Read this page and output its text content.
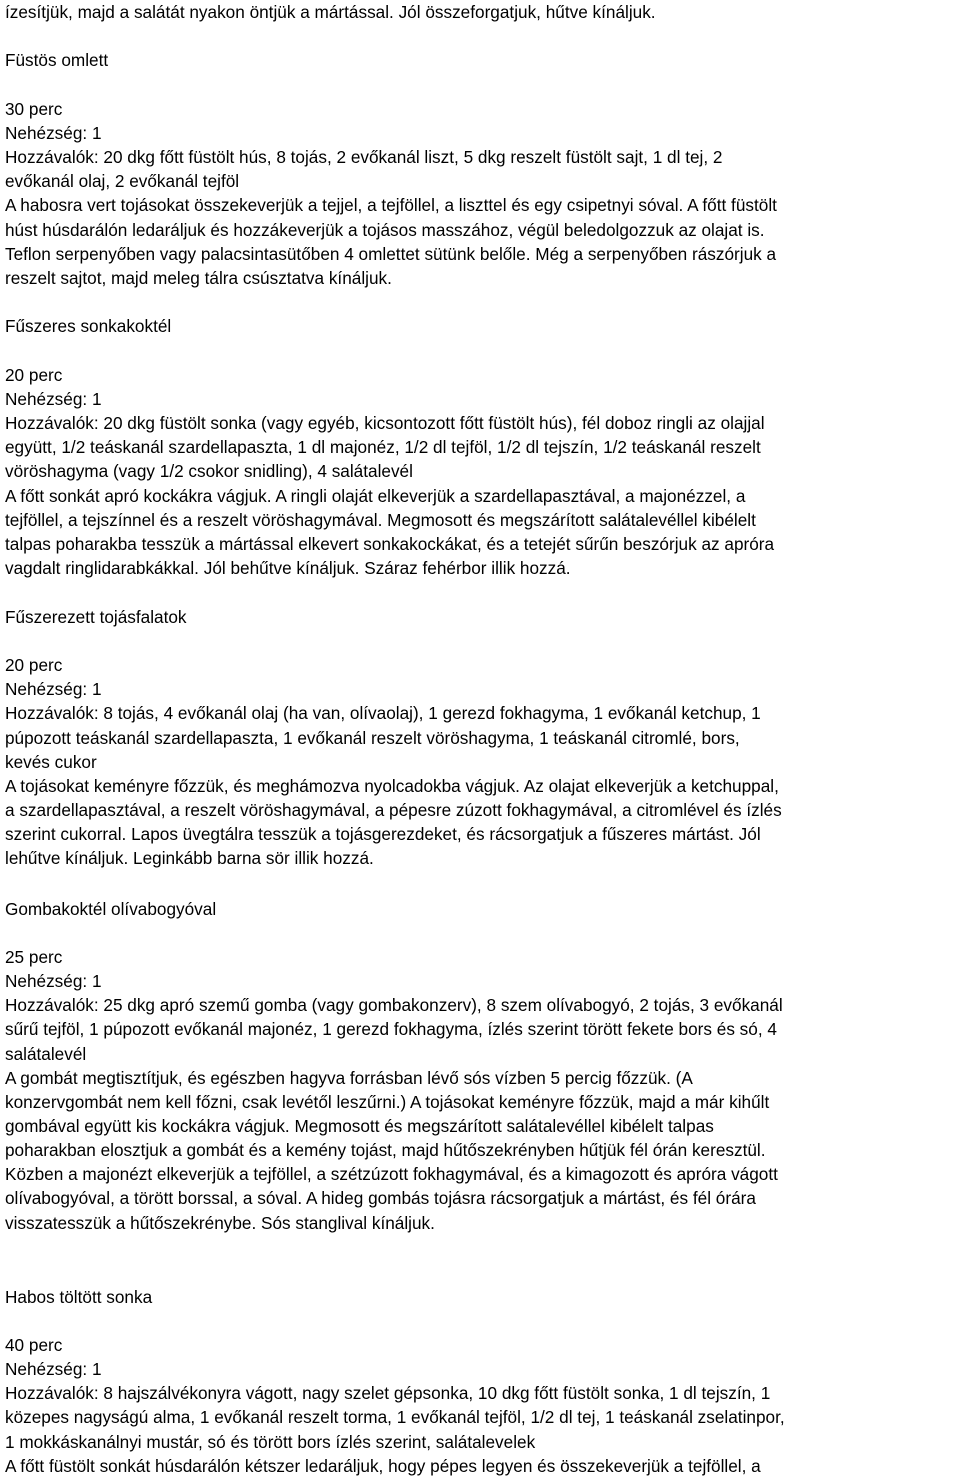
ízesítjük, majd a salátát nyakon öntjük a mártással. Jól összeforgatjuk, hűtve kínáljuk.
Füstös omlett
30 perc
Nehézség: 1
Hozzávalók: 20 dkg főtt füstölt hús, 8 tojás, 2 evőkanál liszt, 5 dkg reszelt füstölt sajt, 1 dl tej, 2
evőkanál olaj, 2 evőkanál tejföl
A habosra vert tojásokat összekeverjük a tejjel, a tejföllel, a liszttel és egy csipetnyi sóval. A főtt füstölt
húst húsdarálón ledaráljuk és hozzákeverjük a tojásos masszához, végül beledolgozzuk az olajat is.
Teflon serpenyőben vagy palacsintasütőben 4 omlettet sütünk belőle. Még a serpenyőben rászórjuk a
reszelt sajtot, majd meleg tálra csúsztatva kínáljuk.
Fűszeres sonkakoktél
20 perc
Nehézség: 1
Hozzávalók: 20 dkg füstölt sonka (vagy egyéb, kicsontozott főtt füstölt hús), fél doboz ringli az olajjal
együtt, 1/2 teáskanál szardellapaszta, 1 dl majonéz, 1/2 dl tejföl, 1/2 dl tejszín, 1/2 teáskanál reszelt
vöröshagyma (vagy 1/2 csokor snidling), 4 salátalevél
A főtt sonkát apró kockákra vágjuk. A ringli olaját elkeverjük a szardellapasztával, a majonézzel, a
tejföllel, a tejszínnel és a reszelt vöröshagymával. Megmosott és megszárított salátalevéllel kibélelt
talpas poharakba tesszük a mártással elkevert sonkakockákat, és a tetejét sűrűn beszórjuk az apróra
vagdalt ringlidarabkákkal. Jól behűtve kínáljuk. Száraz fehérbor illik hozzá.
Fűszerezett tojásfalatok
20 perc
Nehézség: 1
Hozzávalók: 8 tojás, 4 evőkanál olaj (ha van, olívaolaj), 1 gerezd fokhagyma, 1 evőkanál ketchup, 1
púpozott teáskanál szardellapaszta, 1 evőkanál reszelt vöröshagyma, 1 teáskanál citromlé, bors,
kevés cukor
A tojásokat keményre főzzük, és meghámozva nyolcadokba vágjuk. Az olajat elkeverjük a ketchuppal,
a szardellapasztával, a reszelt vöröshagymával, a pépesre zúzott fokhagymával, a citromlével és ízlés
szerint cukorral. Lapos üvegtálra tesszük a tojásgerezdeket, és rácsorgatjuk a fűszeres mártást. Jól
lehűtve kínáljuk. Leginkább barna sör illik hozzá.
Gombakoktél olívabogyóval
25 perc
Nehézség: 1
Hozzávalók: 25 dkg apró szemű gomba (vagy gombakonzerv), 8 szem olívabogyó, 2 tojás, 3 evőkanál
sűrű tejföl, 1 púpozott evőkanál majonéz, 1 gerezd fokhagyma, ízlés szerint törött fekete bors és só, 4
salátalevél
A gombát megtisztítjuk, és egészben hagyva forrásban lévő sós vízben 5 percig főzzük. (A
konzervgombát nem kell főzni, csak levétől leszűrni.) A tojásokat keményre főzzük, majd a már kihűlt
gombával együtt kis kockákra vágjuk. Megmosott és megszárított salátalevéllel kibélelt talpas
poharakban elosztjuk a gombát és a kemény tojást, majd hűtőszekrényben hűtjük fél órán keresztül.
Közben a majonézt elkeverjük a tejföllel, a szétzúzott fokhagymával, és a kimagozott és apróra vágott
olívabogyóval, a törött borssal, a sóval. A hideg gombás tojásra rácsorgatjuk a mártást, és fél órára
visszatesszük a hűtőszekrénybe. Sós stanglival kínáljuk.
Habos töltött sonka
40 perc
Nehézség: 1
Hozzávalók: 8 hajszálvékonyra vágott, nagy szelet gépsonka, 10 dkg főtt füstölt sonka, 1 dl tejszín, 1
közepes nagyságú alma, 1 evőkanál reszelt torma, 1 evőkanál tejföl, 1/2 dl tej, 1 teáskanál zselatinpor,
1 mokkáskanálnyi mustár, só és törött bors ízlés szerint, salátalevelek
A főtt füstölt sonkát húsdarálón kétszer ledaráljuk, hogy pépes legyen és összekeverjük a tejföllel, a
